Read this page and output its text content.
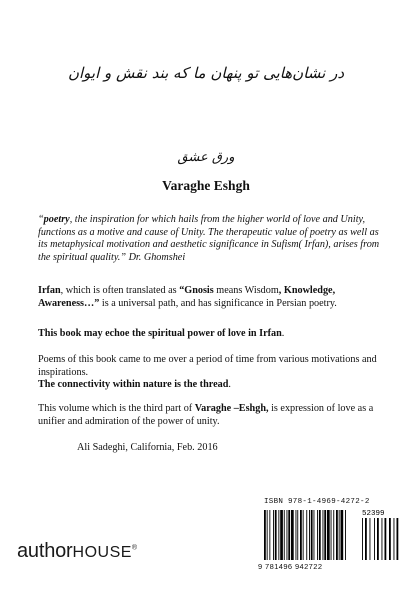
در نشان‌هایی تو پنهان ما که بند نقش و ایوان
ورق عشق
Varaghe Eshgh
“poetry, the inspiration for which hails from the higher world of love and Unity, functions as a motive and cause of Unity. The therapeutic value of poetry as well as its metaphysical motivation and aesthetic significance in Sufism( Irfan), arises from the spiritual quality.” Dr. Ghomshei
Irfan, which is often translated as “Gnosis means Wisdom, Knowledge, Awareness…” is a universal path, and has significance in Persian poetry.
This book may echoe the spiritual power of love in Irfan.
Poems of this book came to me over a period of time from various motivations and inspirations.
The connectivity within nature is the thread.
This volume which is the third part of Varaghe –Eshgh, is expression of love as a unifier and admiration of the power of unity.
Ali Sadeghi, California, Feb. 2016
authorHOUSE®
ISBN 978-1-4969-4272-2
52399
9 781496 942722
